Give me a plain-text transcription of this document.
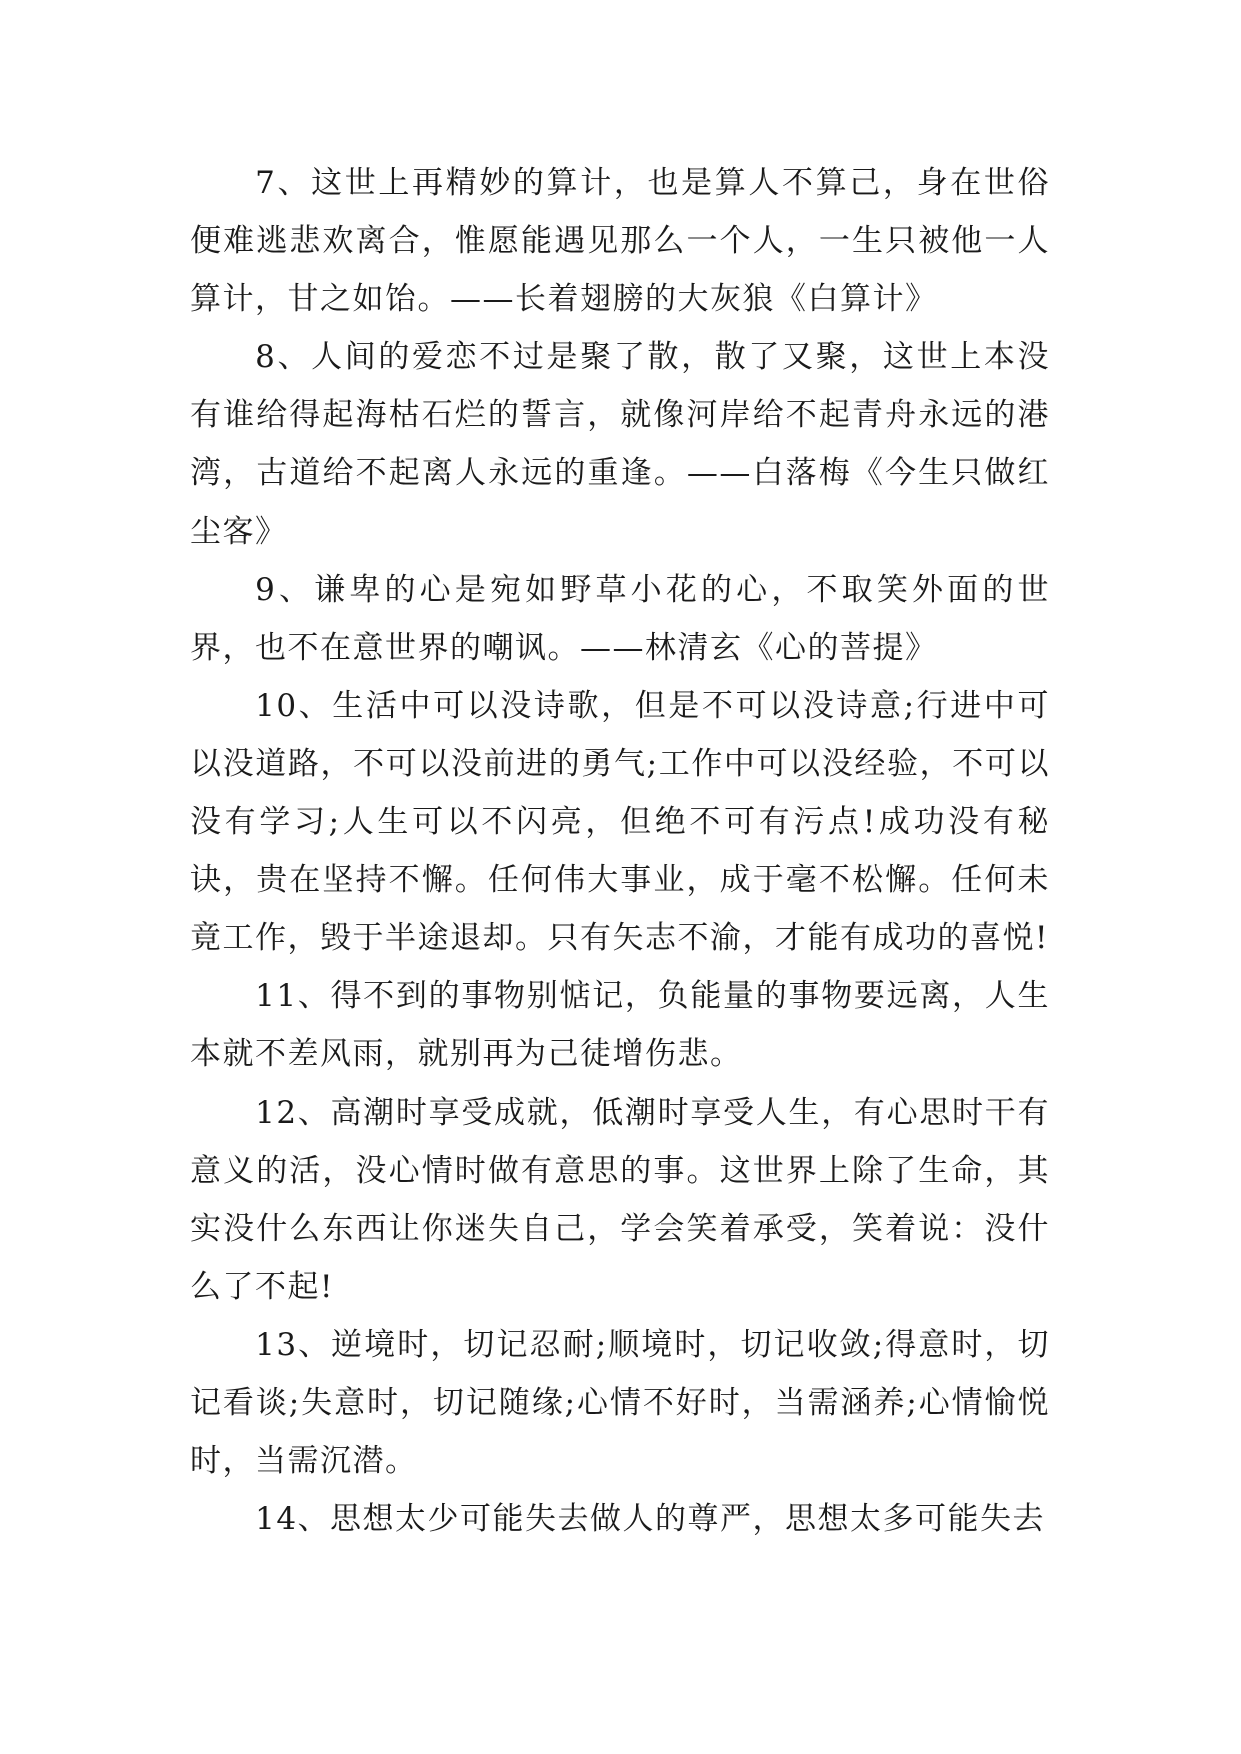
7、这世上再精妙的算计，也是算人不算己，身在世俗便难逃悲欢离合，惟愿能遇见那么一个人，一生只被他一人算计，甘之如饴。——长着翅膀的大灰狼《白算计》

8、人间的爱恋不过是聚了散，散了又聚，这世上本没有谁给得起海枯石烂的誓言，就像河岸给不起青舟永远的港湾，古道给不起离人永远的重逢。——白落梅《今生只做红尘客》

9、谦卑的心是宛如野草小花的心，不取笑外面的世界，也不在意世界的嘲讽。——林清玄《心的菩提》

10、生活中可以没诗歌，但是不可以没诗意;行进中可以没道路，不可以没前进的勇气;工作中可以没经验，不可以没有学习;人生可以不闪亮，但绝不可有污点!成功没有秘诀，贵在坚持不懈。任何伟大事业，成于毫不松懈。任何未竟工作，毁于半途退却。只有矢志不渝，才能有成功的喜悦!

11、得不到的事物别惦记，负能量的事物要远离，人生本就不差风雨，就别再为己徒增伤悲。

12、高潮时享受成就，低潮时享受人生，有心思时干有意义的活，没心情时做有意思的事。这世界上除了生命，其实没什么东西让你迷失自己，学会笑着承受，笑着说：没什么了不起!

13、逆境时，切记忍耐;顺境时，切记收敛;得意时，切记看谈;失意时，切记随缘;心情不好时，当需涵养;心情愉悦时，当需沉潜。

14、思想太少可能失去做人的尊严，思想太多可能失去
